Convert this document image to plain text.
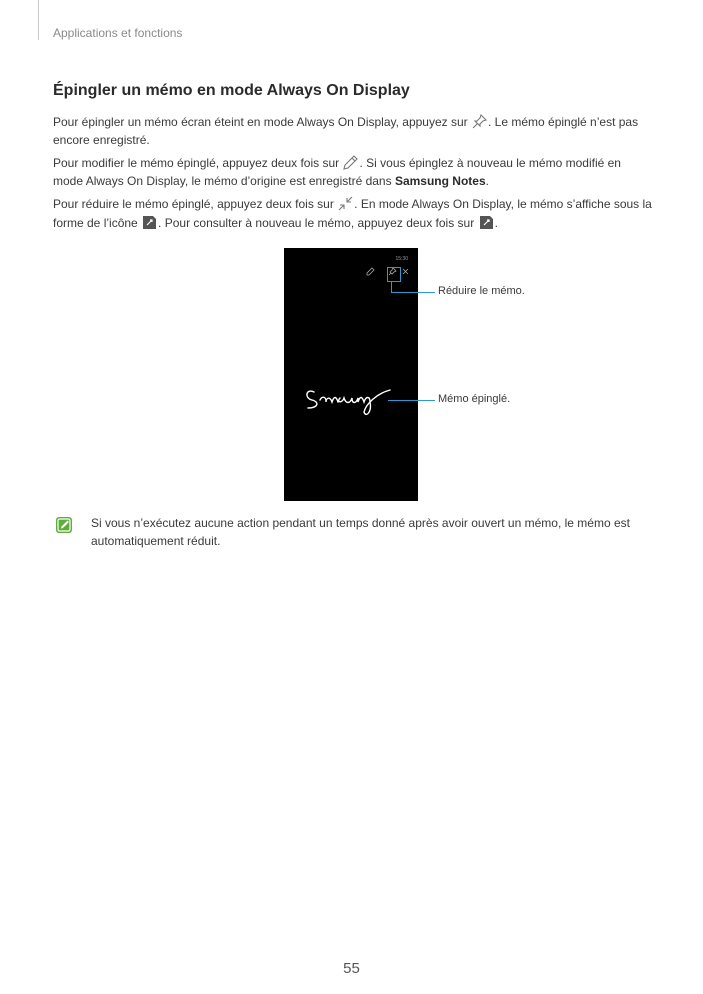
Applications et fonctions
Épingler un mémo en mode Always On Display

Pour épingler un mémo écran éteint en mode Always On Display, appuyez sur
. Le mémo épinglé n’est pas encore enregistré.

Pour modifier le mémo épinglé, appuyez deux fois sur
. Si vous épinglez à nouveau le mémo modifié en mode Always On Display, le mémo d’origine est enregistré dans Samsung Notes.

Pour réduire le mémo épinglé, appuyez deux fois sur
. En mode Always On Display, le mémo s’affiche sous la forme de l’icône
. Pour consulter à nouveau le mémo, appuyez deux fois sur
.

15:30
Réduire le mémo.
Mémo épinglé.

Si vous n’exécutez aucune action pendant un temps donné après avoir ouvert un mémo, le mémo est automatiquement réduit.

55
